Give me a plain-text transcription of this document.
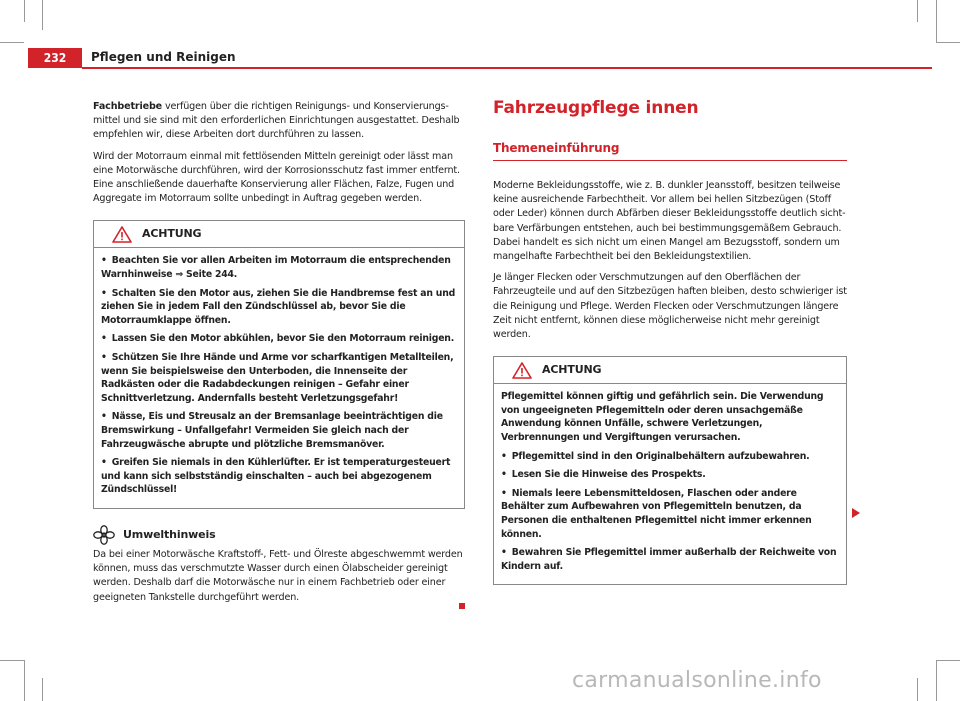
232	Pflegen und Reinigen

Fachbetriebe verfügen über die richtigen Reinigungs- und Konservierungsmittel und sie sind mit den erforderlichen Einrichtungen ausgestattet. Deshalb empfehlen wir, diese Arbeiten dort durchführen zu lassen.

Wird der Motorraum einmal mit fettlösenden Mitteln gereinigt oder lässt man eine Motorwäsche durchführen, wird der Korrosionsschutz fast immer entfernt. Eine anschließende dauerhafte Konservierung aller Flächen, Falze, Fugen und Aggregate im Motorraum sollte unbedingt in Auftrag gegeben werden.

ACHTUNG

• Beachten Sie vor allen Arbeiten im Motorraum die entsprechenden Warnhinweise ⇒ Seite 244.

• Schalten Sie den Motor aus, ziehen Sie die Handbremse fest an und ziehen Sie in jedem Fall den Zündschlüssel ab, bevor Sie die Motorraumklappe öffnen.

• Lassen Sie den Motor abkühlen, bevor Sie den Motorraum reinigen.

• Schützen Sie Ihre Hände und Arme vor scharfkantigen Metallteilen, wenn Sie beispielsweise den Unterboden, die Innenseite der Radkästen oder die Radabdeckungen reinigen – Gefahr einer Schnittverletzung. Andernfalls besteht Verletzungsgefahr!

• Nässe, Eis und Streusalz an der Bremsanlage beeinträchtigen die Bremswirkung – Unfallgefahr! Vermeiden Sie gleich nach der Fahrzeugwäsche abrupte und plötzliche Bremsmanöver.

• Greifen Sie niemals in den Kühlerlüfter. Er ist temperaturgesteuert und kann sich selbstständig einschalten – auch bei abgezogenem Zündschlüssel!

Umwelthinweis

Da bei einer Motorwäsche Kraftstoff-, Fett- und Ölreste abgeschwemmt werden können, muss das verschmutzte Wasser durch einen Ölabscheider gereinigt werden. Deshalb darf die Motorwäsche nur in einem Fachbetrieb oder einer geeigneten Tankstelle durchgeführt werden.

Fahrzeugpflege innen
Themeneinführung

Moderne Bekleidungsstoffe, wie z. B. dunkler Jeansstoff, besitzen teilweise keine ausreichende Farbechtheit. Vor allem bei hellen Sitzbezügen (Stoff oder Leder) können durch Abfärben dieser Bekleidungsstoffe deutlich sichtbare Verfärbungen entstehen, auch bei bestimmungsgemäßem Gebrauch. Dabei handelt es sich nicht um einen Mangel am Bezugsstoff, sondern um mangelhafte Farbechtheit bei den Bekleidungstextilien.

Je länger Flecken oder Verschmutzungen auf den Oberflächen der Fahrzeugteile und auf den Sitzbezügen haften bleiben, desto schwieriger ist die Reinigung und Pflege. Werden Flecken oder Verschmutzungen längere Zeit nicht entfernt, können diese möglicherweise nicht mehr gereinigt werden.

ACHTUNG

Pflegemittel können giftig und gefährlich sein. Die Verwendung von ungeeigneten Pflegemitteln oder deren unsachgemäße Anwendung können Unfälle, schwere Verletzungen, Verbrennungen und Vergiftungen verursachen.

• Pflegemittel sind in den Originalbehältern aufzubewahren.

• Lesen Sie die Hinweise des Prospekts.

• Niemals leere Lebensmitteldosen, Flaschen oder andere Behälter zum Aufbewahren von Pflegemitteln benutzen, da Personen die enthaltenen Pflegemittel nicht immer erkennen können.

• Bewahren Sie Pflegemittel immer außerhalb der Reichweite von Kindern auf.

carmanualsonline.info
